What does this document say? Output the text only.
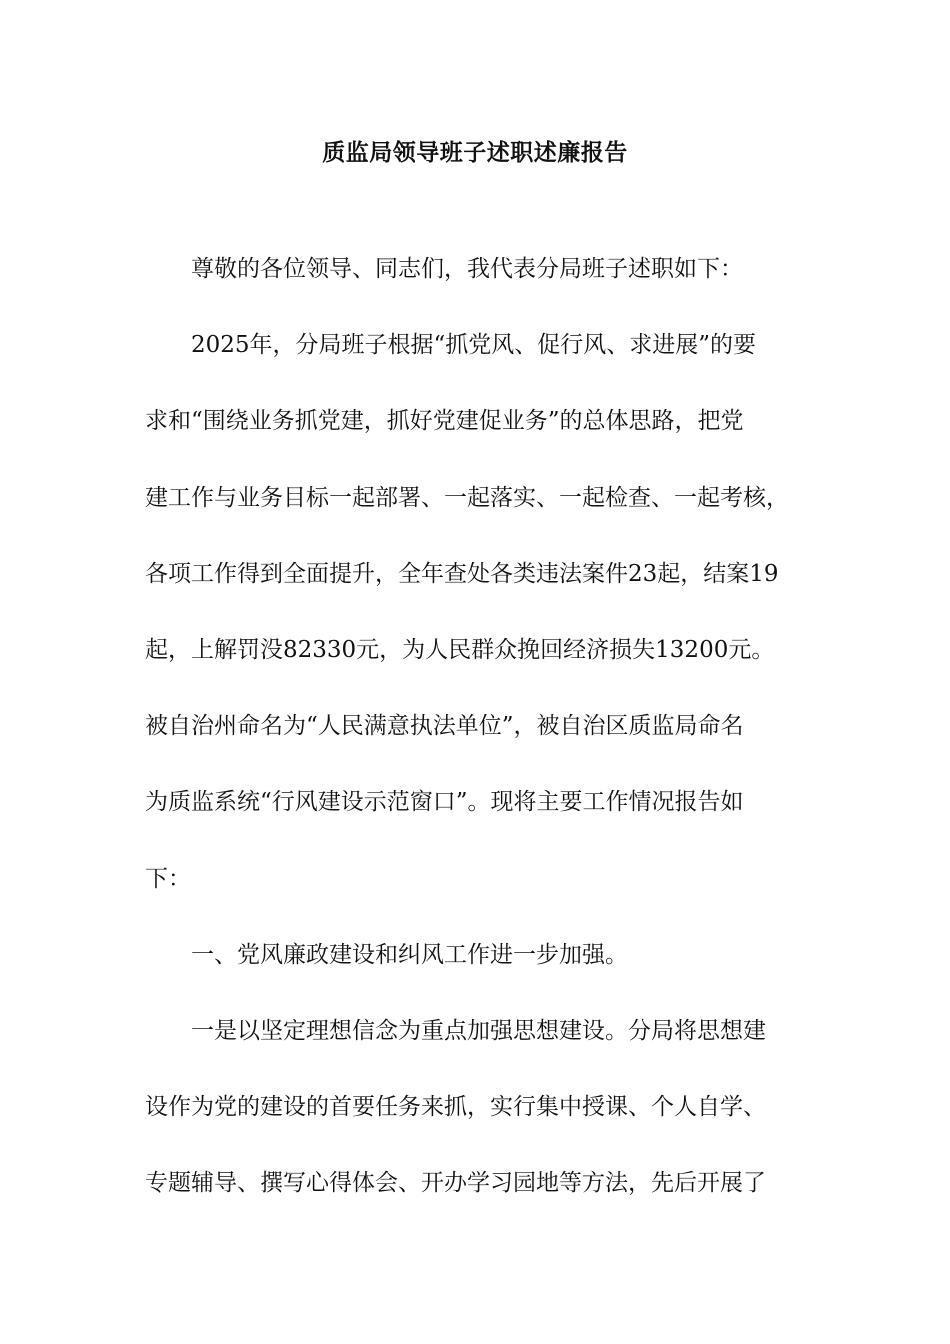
质监局领导班子述职述廉报告
尊敬的各位领导、同志们，我代表分局班子述职如下：
2025年，分局班子根据“抓党风、促行风、求进展”的要
求和“围绕业务抓党建，抓好党建促业务”的总体思路，把党
建工作与业务目标一起部署、一起落实、一起检查、一起考核，
各项工作得到全面提升，全年查处各类违法案件23起，结案19
起，上解罚没82330元，为人民群众挽回经济损失13200元。
被自治州命名为“人民满意执法单位”，被自治区质监局命名
为质监系统“行风建设示范窗口”。现将主要工作情况报告如
下：
一、党风廉政建设和纠风工作进一步加强。
一是以坚定理想信念为重点加强思想建设。分局将思想建
设作为党的建设的首要任务来抓，实行集中授课、个人自学、
专题辅导、撰写心得体会、开办学习园地等方法，先后开展了
